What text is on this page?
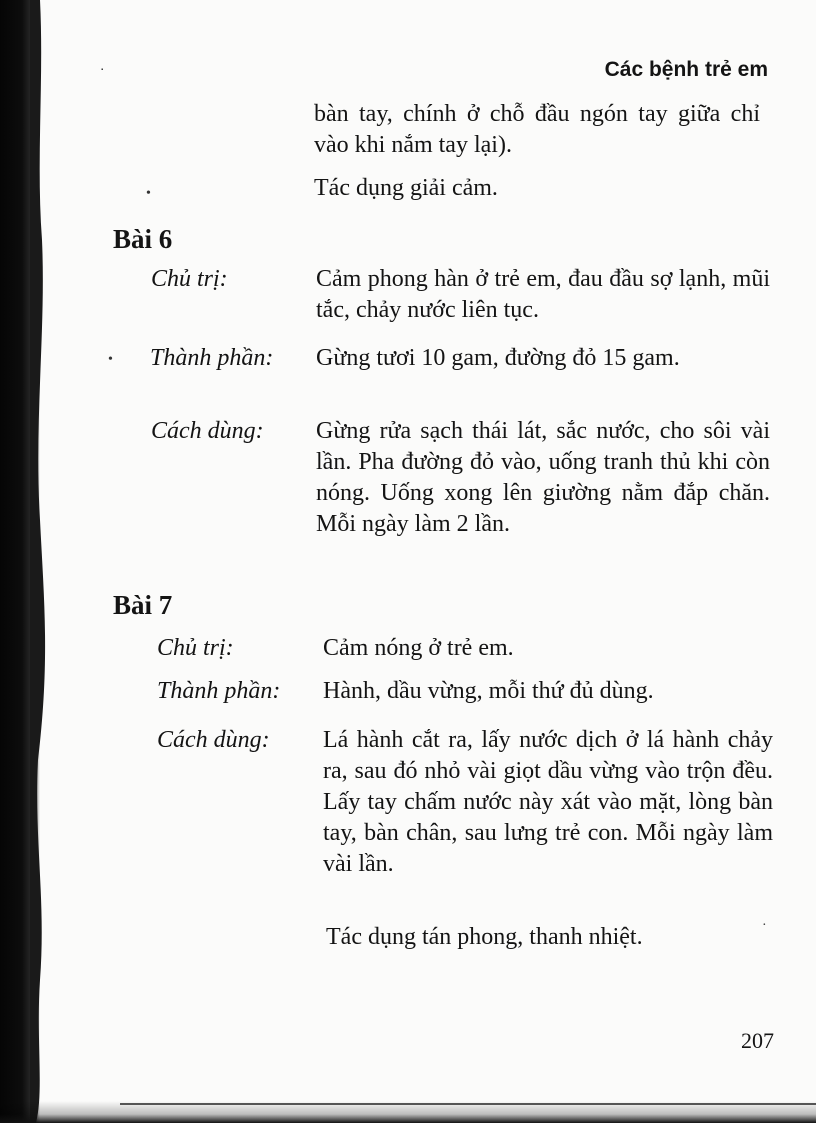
Các bệnh trẻ em
bàn tay, chính ở chỗ đầu ngón tay giữa chỉ vào khi nắm tay lại).
Tác dụng giải cảm.
Bài 6
Chủ trị:	Cảm phong hàn ở trẻ em, đau đầu sợ lạnh, mũi tắc, chảy nước liên tục.
Thành phần: Gừng tươi 10 gam, đường đỏ 15 gam.
Cách dùng: Gừng rửa sạch thái lát, sắc nước, cho sôi vài lần. Pha đường đỏ vào, uống tranh thủ khi còn nóng. Uống xong lên giường nằm đắp chăn. Mỗi ngày làm 2 lần.
Bài 7
Chủ trị:	Cảm nóng ở trẻ em.
Thành phần: Hành, dầu vừng, mỗi thứ đủ dùng.
Cách dùng: Lá hành cắt ra, lấy nước dịch ở lá hành chảy ra, sau đó nhỏ vài giọt dầu vừng vào trộn đều. Lấy tay chấm nước này xát vào mặt, lòng bàn tay, bàn chân, sau lưng trẻ con. Mỗi ngày làm vài lần.
Tác dụng tán phong, thanh nhiệt.
207
⋅
•
•
·
